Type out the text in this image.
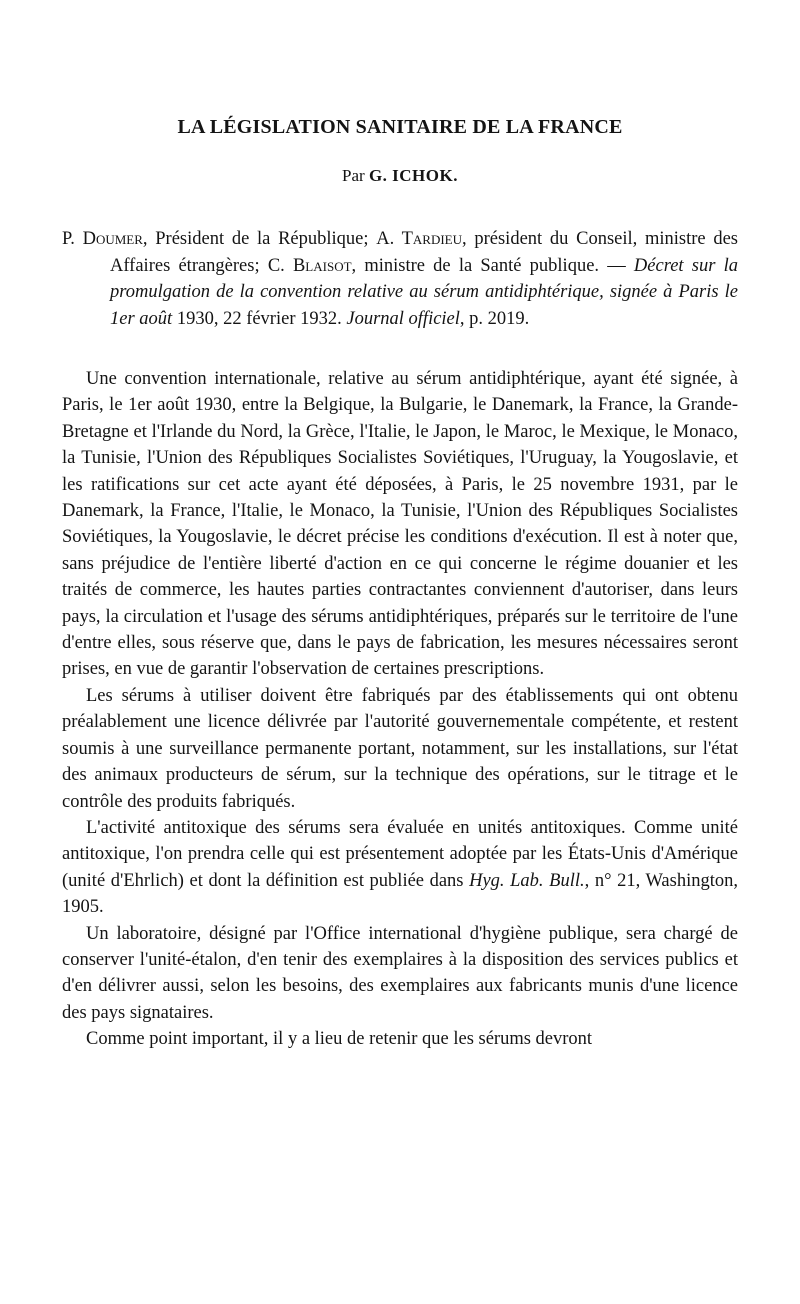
LA LÉGISLATION SANITAIRE DE LA FRANCE

Par G. ICHOK.

P. Doumer, Président de la République; A. Tardieu, président du Conseil, ministre des Affaires étrangères; C. Blaisot, ministre de la Santé publique. — Décret sur la promulgation de la convention relative au sérum antidiphtérique, signée à Paris le 1er août 1930, 22 février 1932. Journal officiel, p. 2019.

Une convention internationale, relative au sérum antidiphtérique, ayant été signée, à Paris, le 1er août 1930, entre la Belgique, la Bulgarie, le Danemark, la France, la Grande-Bretagne et l'Irlande du Nord, la Grèce, l'Italie, le Japon, le Maroc, le Mexique, le Monaco, la Tunisie, l'Union des Républiques Socialistes Soviétiques, l'Uruguay, la Yougoslavie, et les ratifications sur cet acte ayant été déposées, à Paris, le 25 novembre 1931, par le Danemark, la France, l'Italie, le Monaco, la Tunisie, l'Union des Républiques Socialistes Soviétiques, la Yougoslavie, le décret précise les conditions d'exécution. Il est à noter que, sans préjudice de l'entière liberté d'action en ce qui concerne le régime douanier et les traités de commerce, les hautes parties contractantes conviennent d'autoriser, dans leurs pays, la circulation et l'usage des sérums antidiphtériques, préparés sur le territoire de l'une d'entre elles, sous réserve que, dans le pays de fabrication, les mesures nécessaires seront prises, en vue de garantir l'observation de certaines prescriptions.

Les sérums à utiliser doivent être fabriqués par des établissements qui ont obtenu préalablement une licence délivrée par l'autorité gouvernementale compétente, et restent soumis à une surveillance permanente portant, notamment, sur les installations, sur l'état des animaux producteurs de sérum, sur la technique des opérations, sur le titrage et le contrôle des produits fabriqués.

L'activité antitoxique des sérums sera évaluée en unités antitoxiques. Comme unité antitoxique, l'on prendra celle qui est présentement adoptée par les États-Unis d'Amérique (unité d'Ehrlich) et dont la définition est publiée dans Hyg. Lab. Bull., n° 21, Washington, 1905.

Un laboratoire, désigné par l'Office international d'hygiène publique, sera chargé de conserver l'unité-étalon, d'en tenir des exemplaires à la disposition des services publics et d'en délivrer aussi, selon les besoins, des exemplaires aux fabricants munis d'une licence des pays signataires.

Comme point important, il y a lieu de retenir que les sérums devront
